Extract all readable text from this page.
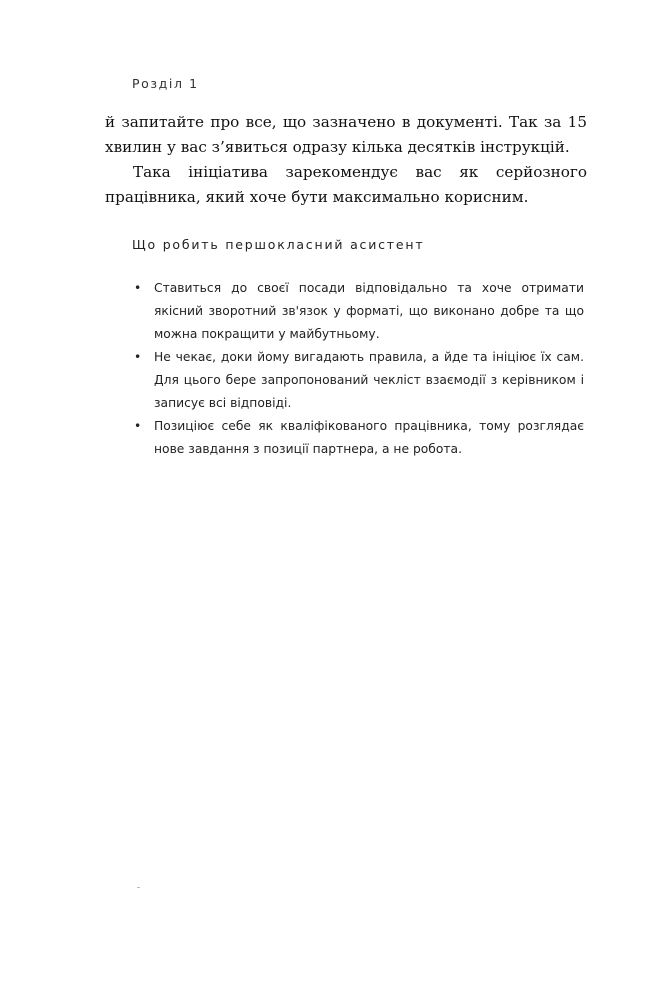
Розділ 1

й запитайте про все, що зазначено в документі. Так за 15 хвилин у вас з’явиться одразу кілька десятків інструкцій.

Така ініціатива зарекомендує вас як серйозного працівника, який хоче бути максимально корисним.

Що робить першокласний асистент
• Ставиться до своєї посади відповідально та хоче отримати якісний зворотний зв'язок у форматі, що виконано добре та що можна покращити у майбутньому.
• Не чекає, доки йому вигадають правила, а йде та ініціює їх сам. Для цього бере запропонований чекліст взаємодії з керівником і записує всі відповіді.
• Позиціює себе як кваліфікованого працівника, тому розглядає нове завдання з позиції партнера, а не робота.
